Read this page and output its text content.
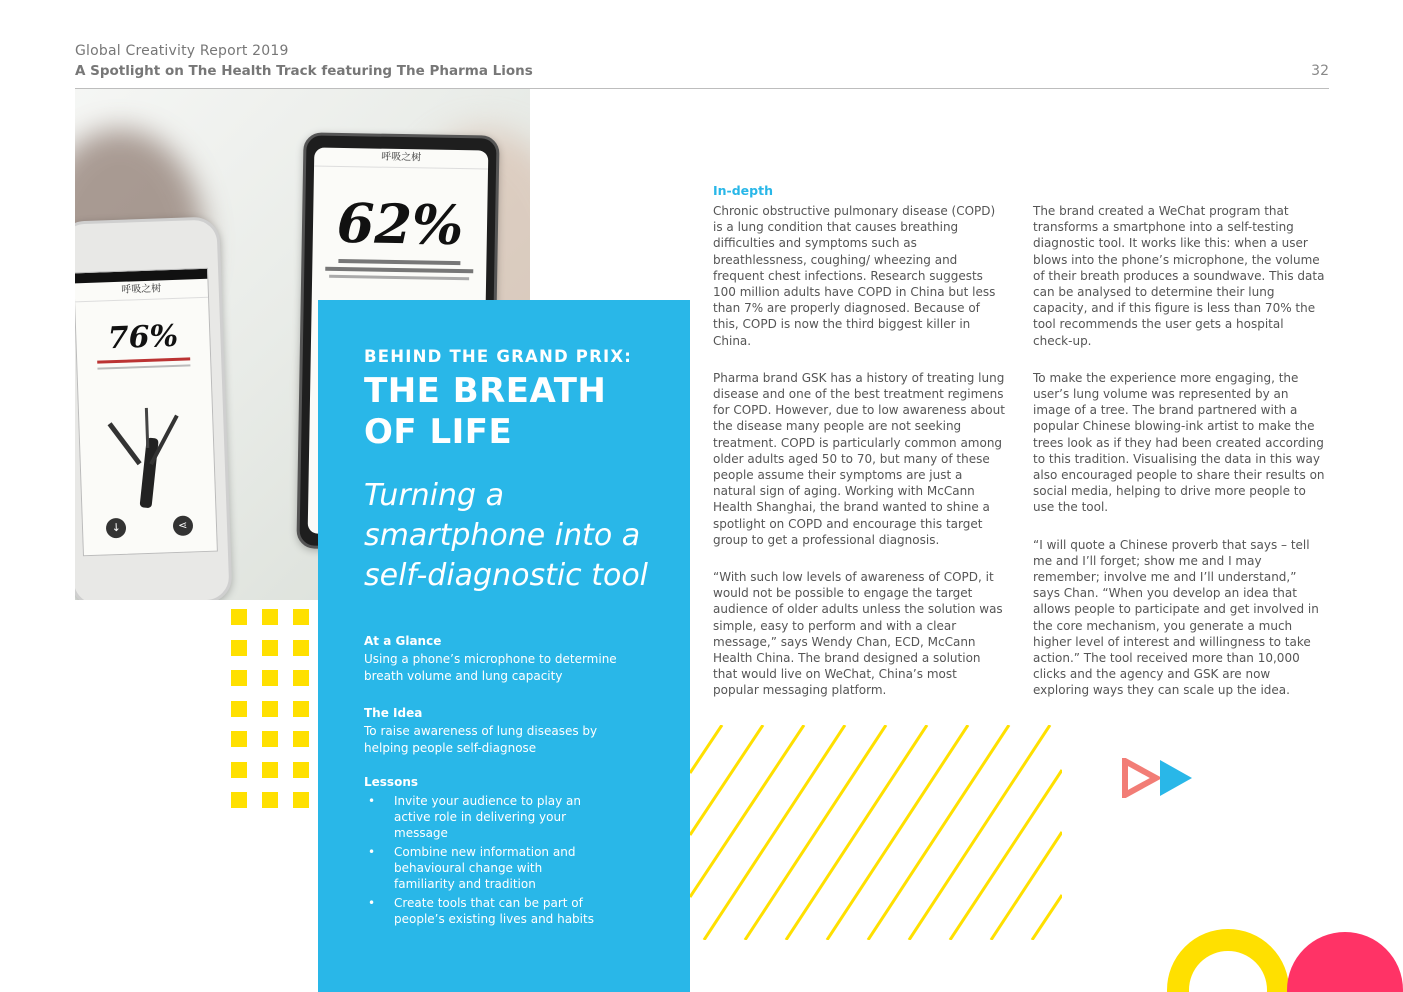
Global Creativity Report 2019
A Spotlight on The Health Track featuring The Pharma Lions	32
呼吸之树
62%
呼吸之树
76%
↓	⋖
BEHIND THE GRAND PRIX:
THE BREATH OF LIFE
Turning a smartphone into a self-diagnostic tool
At a Glance
Using a phone’s microphone to determine breath volume and lung capacity
The Idea
To raise awareness of lung diseases by helping people self-diagnose
Lessons
• Invite your audience to play an active role in delivering your message
• Combine new information and behavioural change with familiarity and tradition
• Create tools that can be part of people’s existing lives and habits
In-depth

Chronic obstructive pulmonary disease (COPD) is a lung condition that causes breathing difficulties and symptoms such as breathlessness, coughing/ wheezing and frequent chest infections. Research suggests 100 million adults have COPD in China but less than 7% are properly diagnosed. Because of this, COPD is now the third biggest killer in China.

Pharma brand GSK has a history of treating lung disease and one of the best treatment regimens for COPD. However, due to low awareness about the disease many people are not seeking treatment. COPD is particularly common among older adults aged 50 to 70, but many of these people assume their symptoms are just a natural sign of aging. Working with McCann Health Shanghai, the brand wanted to shine a spotlight on COPD and encourage this target group to get a professional diagnosis.

“With such low levels of awareness of COPD, it would not be possible to engage the target audience of older adults unless the solution was simple, easy to perform and with a clear message,” says Wendy Chan, ECD, McCann Health China. The brand designed a solution that would live on WeChat, China’s most popular messaging platform.

The brand created a WeChat program that transforms a smartphone into a self-testing diagnostic tool. It works like this: when a user blows into the phone’s microphone, the volume of their breath produces a soundwave. This data can be analysed to determine their lung capacity, and if this figure is less than 70% the tool recommends the user gets a hospital check-up.

To make the experience more engaging, the user’s lung volume was represented by an image of a tree. The brand partnered with a popular Chinese blowing-ink artist to make the trees look as if they had been created according to this tradition. Visualising the data in this way also encouraged people to share their results on social media, helping to drive more people to use the tool.

“I will quote a Chinese proverb that says – tell me and I’ll forget; show me and I may remember; involve me and I’ll understand,” says Chan. “When you develop an idea that allows people to participate and get involved in the core mechanism, you generate a much higher level of interest and willingness to take action.” The tool received more than 10,000 clicks and the agency and GSK are now exploring ways they can scale up the idea.
